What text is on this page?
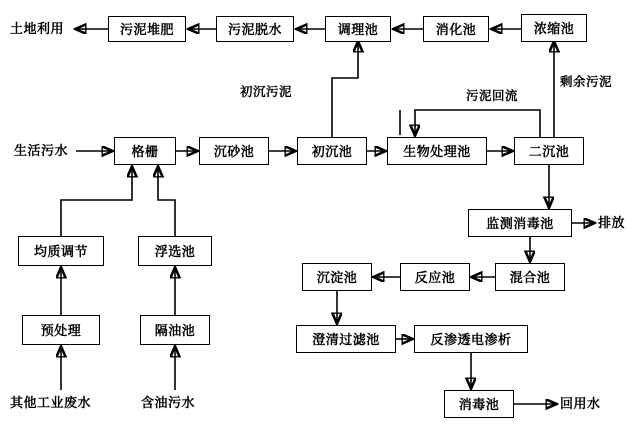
污泥堆肥	污泥脱水	调理池	消化池	浓缩池
格栅	沉砂池	初沉池	生物处理池	二沉池
监测消毒池
均质调节	浮选池
预处理	隔油池
沉淀池	反应池	混合池
澄清过滤池	反渗透电渗析
消毒池
土地利用
初沉污泥	污泥回流
剩余污泥
生活污水
排放
其他工业废水	含油污水	回用水
